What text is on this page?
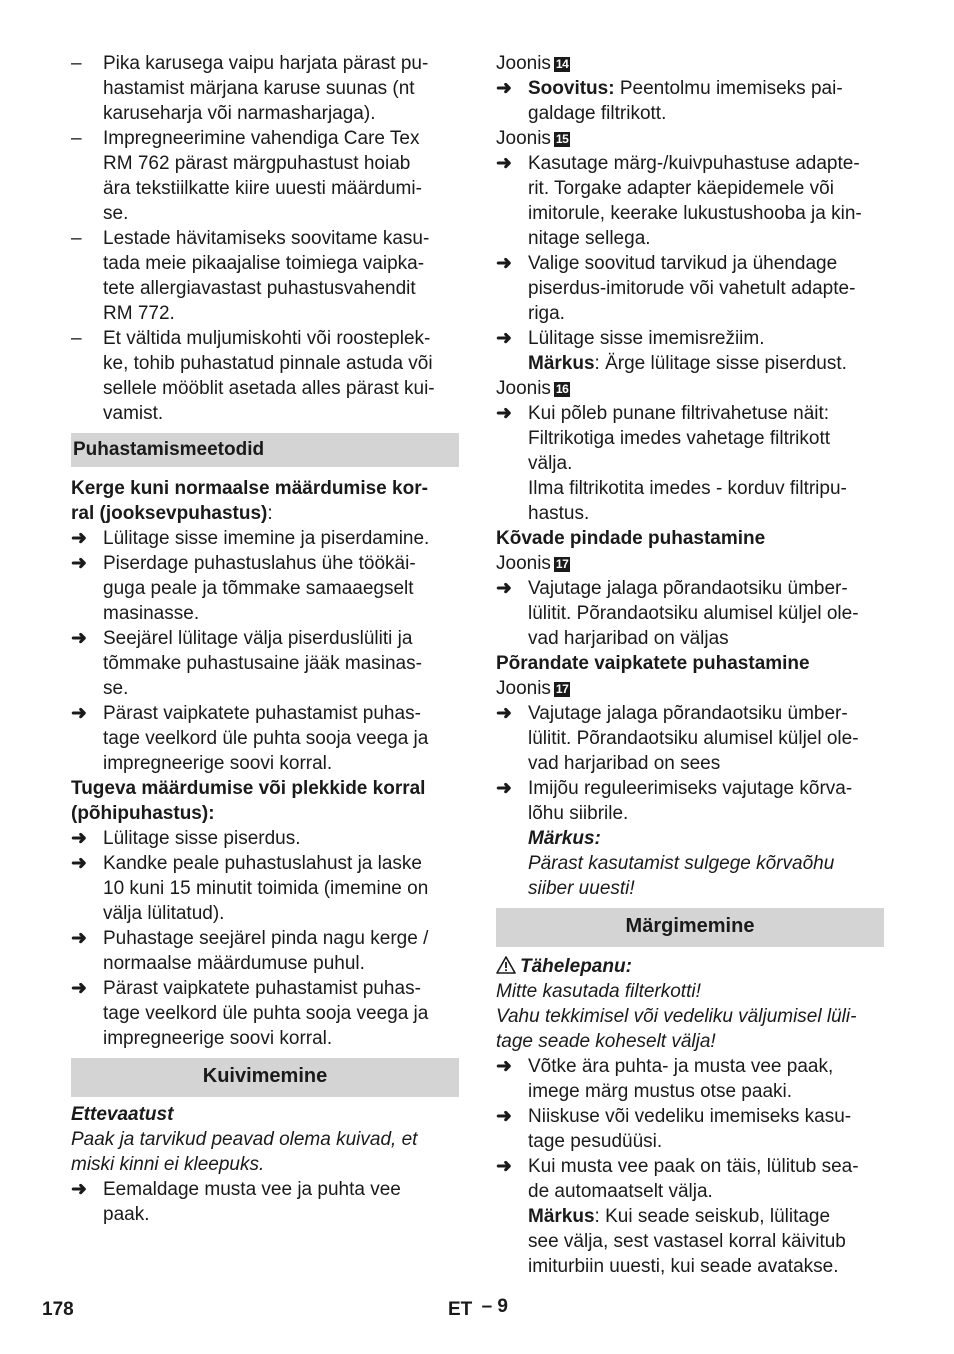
–	Pika karusega vaipu harjata pärast pu-
hastamist märjana karuse suunas (nt
karuseharja või narmasharjaga).
–	Impregneerimine vahendiga Care Tex
RM 762 pärast märgpuhastust hoiab
ära tekstiilkatte kiire uuesti määrdumi-
se.
–	Lestade hävitamiseks soovitame kasu-
tada meie pikaajalise toimiega vaipka-
tete allergiavastast puhastusvahendit
RM 772.
–	Et vältida muljumiskohti või roosteplek-
ke, tohib puhastatud pinnale astuda või
sellele mööblit asetada alles pärast kui-
vamist.
Puhastamismeetodid

Kerge kuni normaalse määrdumise kor-
ral (jooksevpuhastus):

➜ Lülitage sisse imemine ja piserdamine.
➜ Piserdage puhastuslahus ühe töökäi-
guga peale ja tõmmake samaaegselt
masinasse.
➜ Seejärel lülitage välja piserduslüliti ja
tõmmake puhastusaine jääk masinas-
se.
➜ Pärast vaipkatete puhastamist puhas-
tage veelkord üle puhta sooja veega ja
impregneerige soovi korral.

Tugeva määrdumise või plekkide korral
(põhipuhastus):

➜ Lülitage sisse piserdus.
➜ Kandke peale puhastuslahust ja laske
10 kuni 15 minutit toimida (imemine on
välja lülitatud).
➜ Puhastage seejärel pinda nagu kerge /
normaalse määrdumuse puhul.
➜ Pärast vaipkatete puhastamist puhas-
tage veelkord üle puhta sooja veega ja
impregneerige soovi korral.
Kuivimemine

Ettevaatust

Paak ja tarvikud peavad olema kuivad, et
miski kinni ei kleepuks.

➜ Eemaldage musta vee ja puhta vee
paak.

Joonis 14

➜ Soovitus: Peentolmu imemiseks pai-
galdage filtrikott.

Joonis 15

➜ Kasutage märg-/kuivpuhastuse adapte-
rit. Torgake adapter käepidemele või
imitorule, keerake lukustushooba ja kin-
nitage sellega.
➜ Valige soovitud tarvikud ja ühendage
piserdus-imitorude või vahetult adapte-
riga.
➜ Lülitage sisse imemisrežiim.

Märkus: Ärge lülitage sisse piserdust.

Joonis 16

➜ Kui põleb punane filtrivahetuse näit:
Filtrikotiga imedes vahetage filtrikott
välja.

Ilma filtrikotita imedes - korduv filtripu-
hastus.

Kõvade pindade puhastamine

Joonis 17

➜ Vajutage jalaga põrandaotsiku ümber-
lülitit. Põrandaotsiku alumisel küljel ole-
vad harjaribad on väljas

Põrandate vaipkatete puhastamine

Joonis 17

➜ Vajutage jalaga põrandaotsiku ümber-
lülitit. Põrandaotsiku alumisel küljel ole-
vad harjaribad on sees
➜ Imijõu reguleerimiseks vajutage kõrva-
lõhu siibrile.

Märkus:

Pärast kasutamist sulgege kõrvaõhu
siiber uuesti!

Märgimemine

Tähelepanu:

Mitte kasutada filterkotti!
Vahu tekkimisel või vedeliku väljumisel lüli-
tage seade koheselt välja!

➜ Võtke ära puhta- ja musta vee paak,
imege märg mustus otse paaki.
➜ Niiskuse või vedeliku imemiseks kasu-
tage pesudüüsi.
➜ Kui musta vee paak on täis, lülitub sea-
de automaatselt välja.

Märkus: Kui seade seiskub, lülitage
see välja, sest vastasel korral käivitub
imiturbiin uuesti, kui seade avatakse.

178	ET – 9
